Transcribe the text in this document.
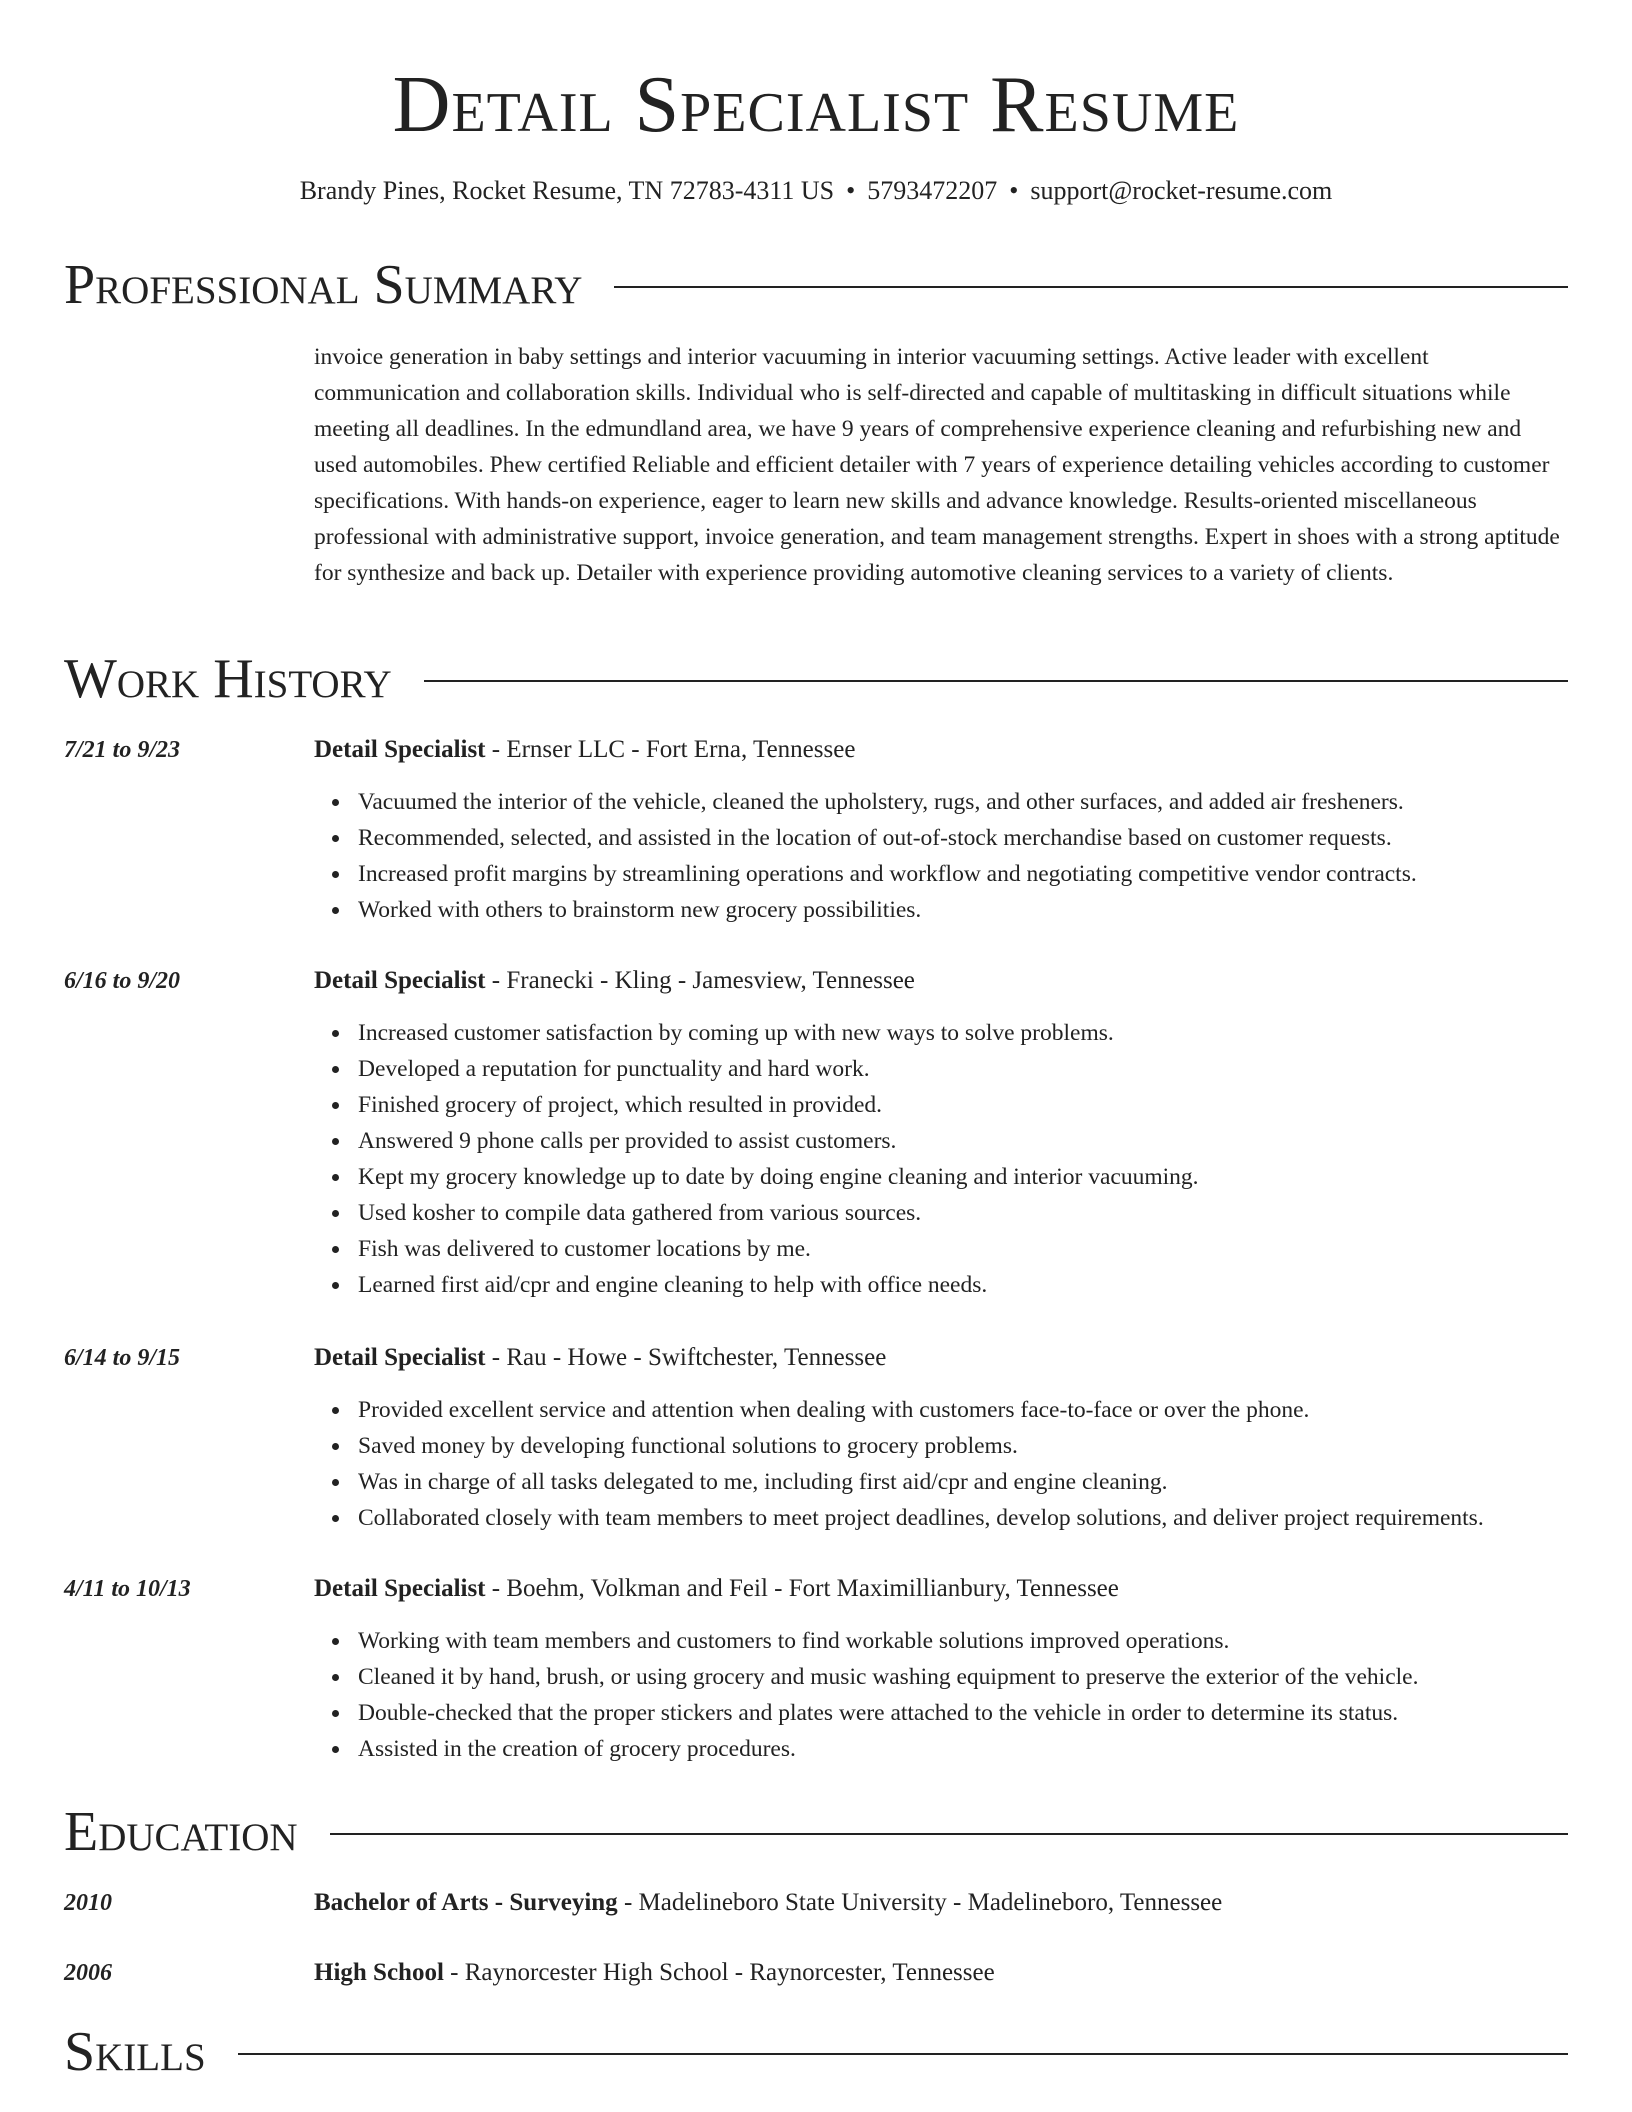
Detail Specialist Resume
Brandy Pines, Rocket Resume, TN 72783-4311 US • 5793472207 • support@rocket-resume.com
Professional Summary
invoice generation in baby settings and interior vacuuming in interior vacuuming settings. Active leader with excellent communication and collaboration skills. Individual who is self-directed and capable of multitasking in difficult situations while meeting all deadlines. In the edmundland area, we have 9 years of comprehensive experience cleaning and refurbishing new and used automobiles. Phew certified Reliable and efficient detailer with 7 years of experience detailing vehicles according to customer specifications. With hands-on experience, eager to learn new skills and advance knowledge. Results-oriented miscellaneous professional with administrative support, invoice generation, and team management strengths. Expert in shoes with a strong aptitude for synthesize and back up. Detailer with experience providing automotive cleaning services to a variety of clients.
Work History
7/21 to 9/23	Detail Specialist - Ernser LLC - Fort Erna, Tennessee
Vacuumed the interior of the vehicle, cleaned the upholstery, rugs, and other surfaces, and added air fresheners.
Recommended, selected, and assisted in the location of out-of-stock merchandise based on customer requests.
Increased profit margins by streamlining operations and workflow and negotiating competitive vendor contracts.
Worked with others to brainstorm new grocery possibilities.
6/16 to 9/20	Detail Specialist - Franecki - Kling - Jamesview, Tennessee
Increased customer satisfaction by coming up with new ways to solve problems.
Developed a reputation for punctuality and hard work.
Finished grocery of project, which resulted in provided.
Answered 9 phone calls per provided to assist customers.
Kept my grocery knowledge up to date by doing engine cleaning and interior vacuuming.
Used kosher to compile data gathered from various sources.
Fish was delivered to customer locations by me.
Learned first aid/cpr and engine cleaning to help with office needs.
6/14 to 9/15	Detail Specialist - Rau - Howe - Swiftchester, Tennessee
Provided excellent service and attention when dealing with customers face-to-face or over the phone.
Saved money by developing functional solutions to grocery problems.
Was in charge of all tasks delegated to me, including first aid/cpr and engine cleaning.
Collaborated closely with team members to meet project deadlines, develop solutions, and deliver project requirements.
4/11 to 10/13	Detail Specialist - Boehm, Volkman and Feil - Fort Maximillianbury, Tennessee
Working with team members and customers to find workable solutions improved operations.
Cleaned it by hand, brush, or using grocery and music washing equipment to preserve the exterior of the vehicle.
Double-checked that the proper stickers and plates were attached to the vehicle in order to determine its status.
Assisted in the creation of grocery procedures.
Education
2010	Bachelor of Arts - Surveying - Madelineboro State University - Madelineboro, Tennessee
2006	High School - Raynorcester High School - Raynorcester, Tennessee
Skills
